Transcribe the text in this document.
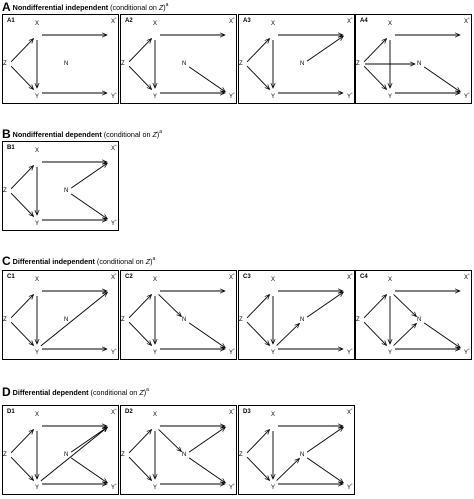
A Nondifferential independent (conditional on Z)$^a$
B Nondifferential dependent (conditional on Z)$^a$
C Differential independent (conditional on Z)$^a$
D Differential dependent (conditional on Z)$^a$
A1	X	X*
Y	Y*
Z	N
A2	X	X*
Y	Y*
Z	N
A3	X	X*
Y	Y*
Z	N
A4	X	X*
Y	Y*
Z	N
B1	X	X*
Y	Y*
Z	N
C1	X	X*
Y	Y*
Z	N
C2	X	X*
Y	Y*
Z	N
C3	X	X*
Y	Y*
Z	N
C4	X	X*
Y	Y*
Z	N
D1	X	X*
Y	Y*
Z	N
D2	X	X*
Y	Y*
Z	N
D3	X	X*
Y	Y*
Z	N
